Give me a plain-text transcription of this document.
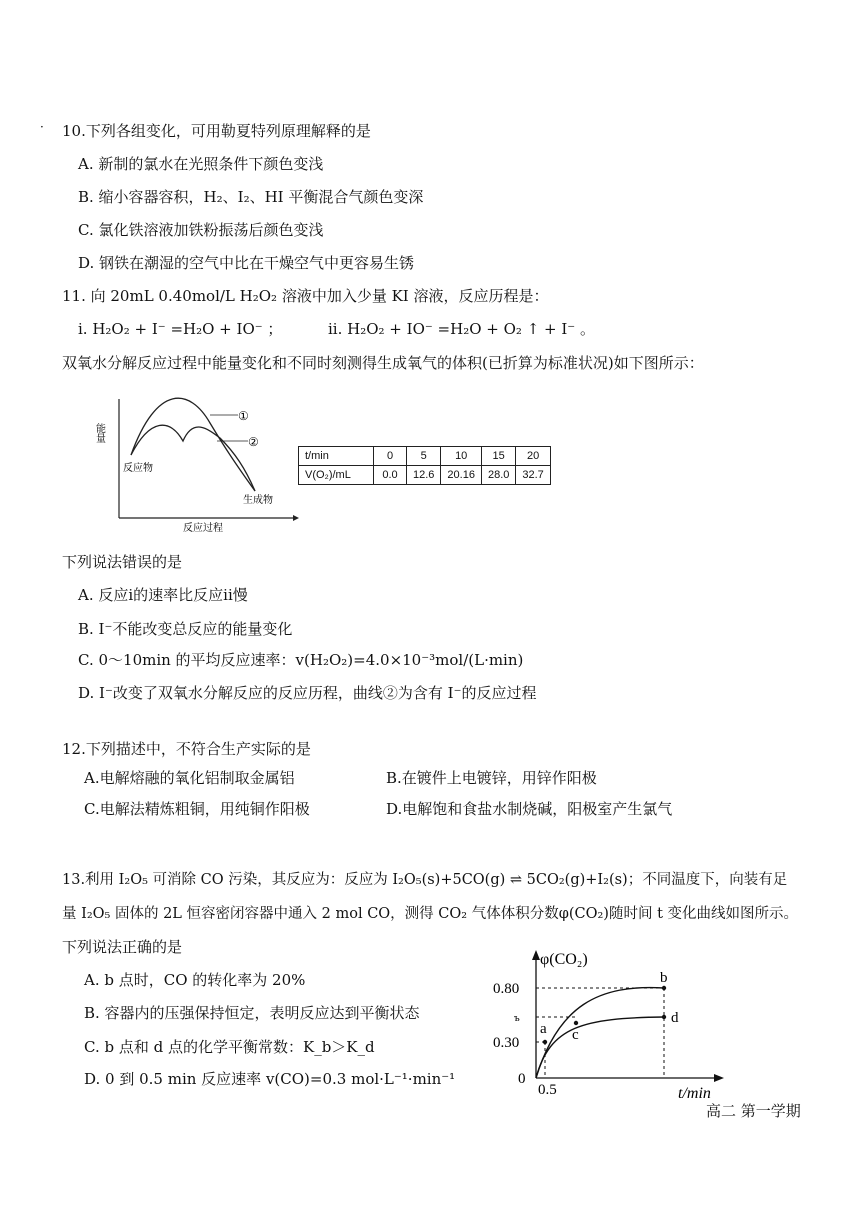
· 10.下列各组变化，可用勒夏特列原理解释的是
A. 新制的氯水在光照条件下颜色变浅
B. 缩小容器容积，H₂、I₂、HI 平衡混合气颜色变深
C. 氯化铁溶液加铁粉振荡后颜色变浅
D. 钢铁在潮湿的空气中比在干燥空气中更容易生锈
11. 向 20mL 0.40mol/L H₂O₂ 溶液中加入少量 KI 溶液，反应历程是：
i. H₂O₂ + I⁻ =H₂O + IO⁻ ；	ii. H₂O₂ + IO⁻ =H₂O + O₂ ↑ + I⁻ 。
双氧水分解反应过程中能量变化和不同时刻测得生成氧气的体积(已折算为标准状况)如下图所示：
能量
①
②
反应物
生成物
反应过程
t/min	0	5	10	15	20
V(O₂)/mL	0.0	12.6	20.16	28.0	32.7
下列说法错误的是
A. 反应i的速率比反应ii慢
B. I⁻不能改变总反应的能量变化
C. 0～10min 的平均反应速率：v(H₂O₂)=4.0×10⁻³mol/(L·min)
D. I⁻改变了双氧水分解反应的反应历程，曲线②为含有 I⁻的反应过程
12.下列描述中，不符合生产实际的是
A.电解熔融的氧化铝制取金属铝	B.在镀件上电镀锌，用锌作阳极
C.电解法精炼粗铜，用纯铜作阳极	D.电解饱和食盐水制烧碱，阳极室产生氯气
13.利用 I₂O₅ 可消除 CO 污染，其反应为：反应为 I₂O₅(s)+5CO(g) ⇌ 5CO₂(g)+I₂(s)；不同温度下，向装有足
量 I₂O₅ 固体的 2L 恒容密闭容器中通入 2 mol CO，测得 CO₂ 气体体积分数φ(CO₂)随时间 t 变化曲线如图所示。
下列说法正确的是
A. b 点时，CO 的转化率为 20%
B. 容器内的压强保持恒定，表明反应达到平衡状态
C. b 点和 d 点的化学平衡常数：K_b＞K_d
D. 0 到 0.5 min 反应速率 v(CO)=0.3 mol·L⁻¹·min⁻¹
φ(CO₂)
t/min
0
0.80
0.30
ъ
0.5
a
b
c
d
高二 第一学期
